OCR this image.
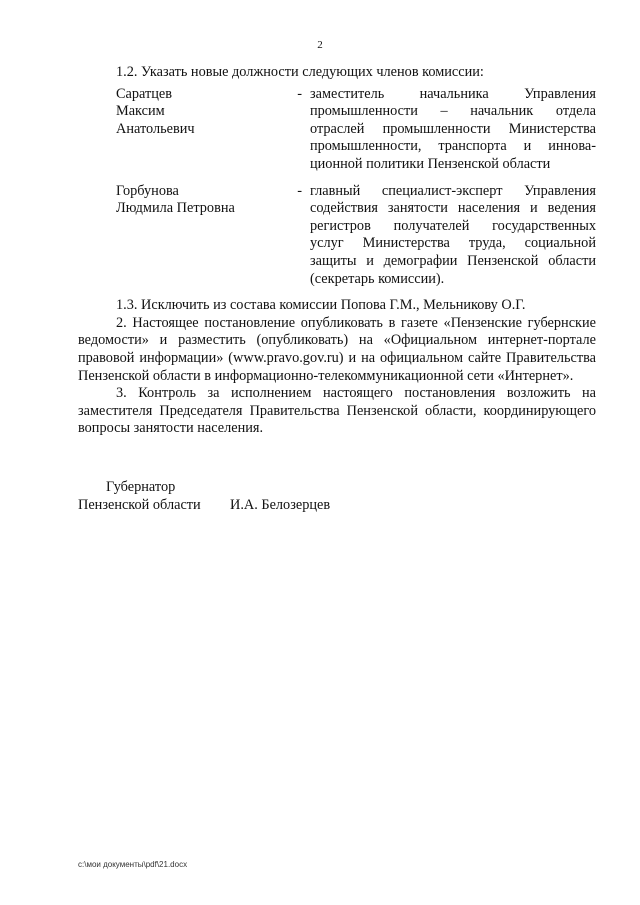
2

1.2. Указать новые должности следующих членов комиссии:

Саратцев
Максим Анатольевич
- заместитель начальника Управления
промышленности – начальник отдела
отраслей промышленности Министерства
промышленности, транспорта и иннова-
ционной политики Пензенской области
Горбунова
Людмила Петровна
- главный специалист-эксперт Управления
содействия занятости населения и ведения
регистров получателей государственных
услуг Министерства труда, социальной
защиты и демографии Пензенской области
(секретарь комиссии).

1.3. Исключить из состава комиссии Попова Г.М., Мельникову О.Г.

2. Настоящее постановление опубликовать в газете «Пензенские губернские ведомости» и разместить (опубликовать) на «Официальном интернет-портале правовой информации» (www.pravo.gov.ru) и на официальном сайте Правительства Пензенской области в информационно-телекоммуникационной сети «Интернет».

3. Контроль за исполнением настоящего постановления возложить на заместителя Председателя Правительства Пензенской области, координирующего вопросы занятости населения.

Губернатор
Пензенской области	И.А. Белозерцев
c:\мои документы\pdf\21.docx
